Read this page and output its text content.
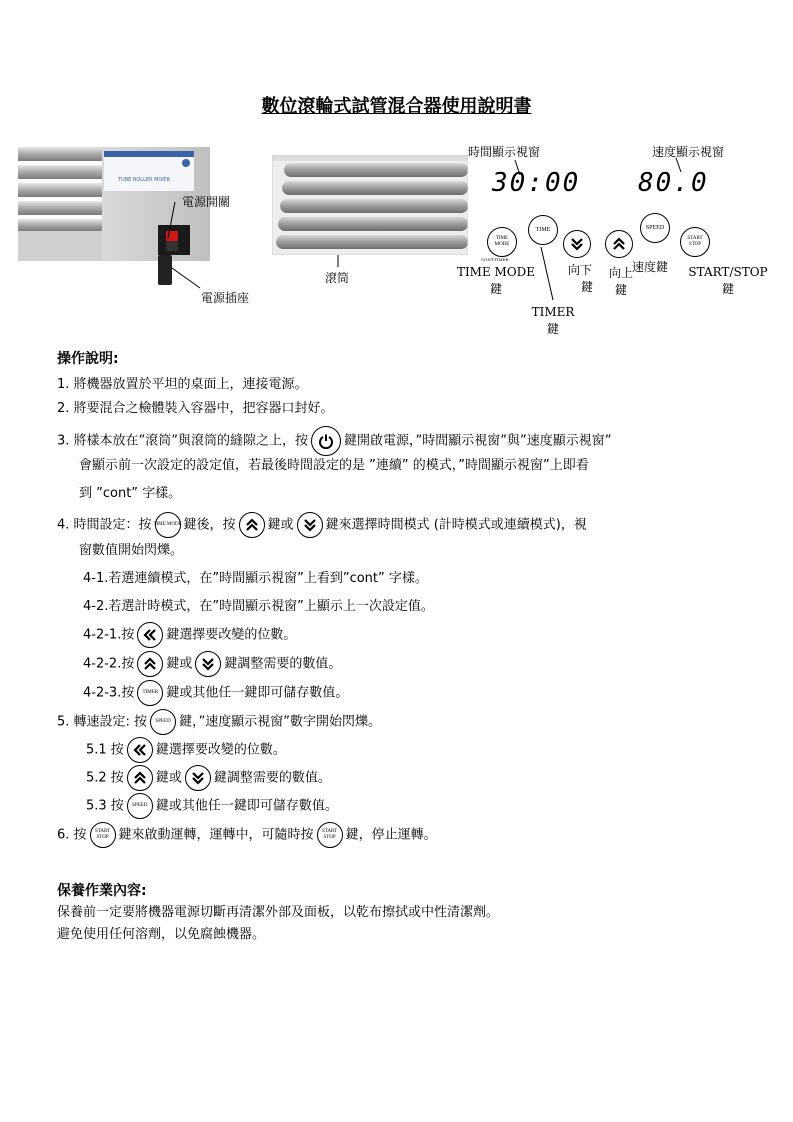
數位滾輪式試管混合器使用說明書
TUBE ROLLER MIXER
電源開關
電源插座
滾筒
時間顯示視窗	速度顯示視窗
30:00 80.0
TIME MODE
CONT-TIMER
TIME	SPEED
START STOP
TIME MODE
鍵
TIMER
鍵
向下
鍵
向上
鍵
速度鍵	START/STOP
鍵
操作說明:
1. 將機器放置於平坦的桌面上，連接電源。
2. 將要混合之檢體裝入容器中，把容器口封好。
3. 將樣本放在”滾筒”與滾筒的縫隙之上，按	鍵開啟電源，”時間顯示視窗”與”速度顯示視窗”
會顯示前一次設定的設定值，若最後時間設定的是 ”連續” 的模式，”時間顯示視窗”上即看
到 ”cont” 字樣。
4. 時間設定：按 TIME MODE 鍵後，按 鍵或 鍵來選擇時間模式 (計時模式或連續模式)，視
窗數值開始閃爍。
4-1.若選連續模式，在”時間顯示視窗”上看到”cont” 字樣。
4-2.若選計時模式，在”時間顯示視窗”上顯示上一次設定值。
4-2-1.按 鍵選擇要改變的位數。
4-2-2.按 鍵或 鍵調整需要的數值。
4-2-3.按 TIMER 鍵或其他任一鍵即可儲存數值。
5. 轉速設定: 按 SPEED 鍵，”速度顯示視窗”數字開始閃爍。
5.1 按 鍵選擇要改變的位數。
5.2 按 鍵或 鍵調整需要的數值。
5.3 按 SPEED 鍵或其他任一鍵即可儲存數值。
6. 按 START
STOP 鍵來啟動運轉，運轉中，可隨時按 START
STOP 鍵，停止運轉。
保養作業內容:
保養前一定要將機器電源切斷再清潔外部及面板，以乾布擦拭或中性清潔劑。
避免使用任何溶劑，以免腐蝕機器。
